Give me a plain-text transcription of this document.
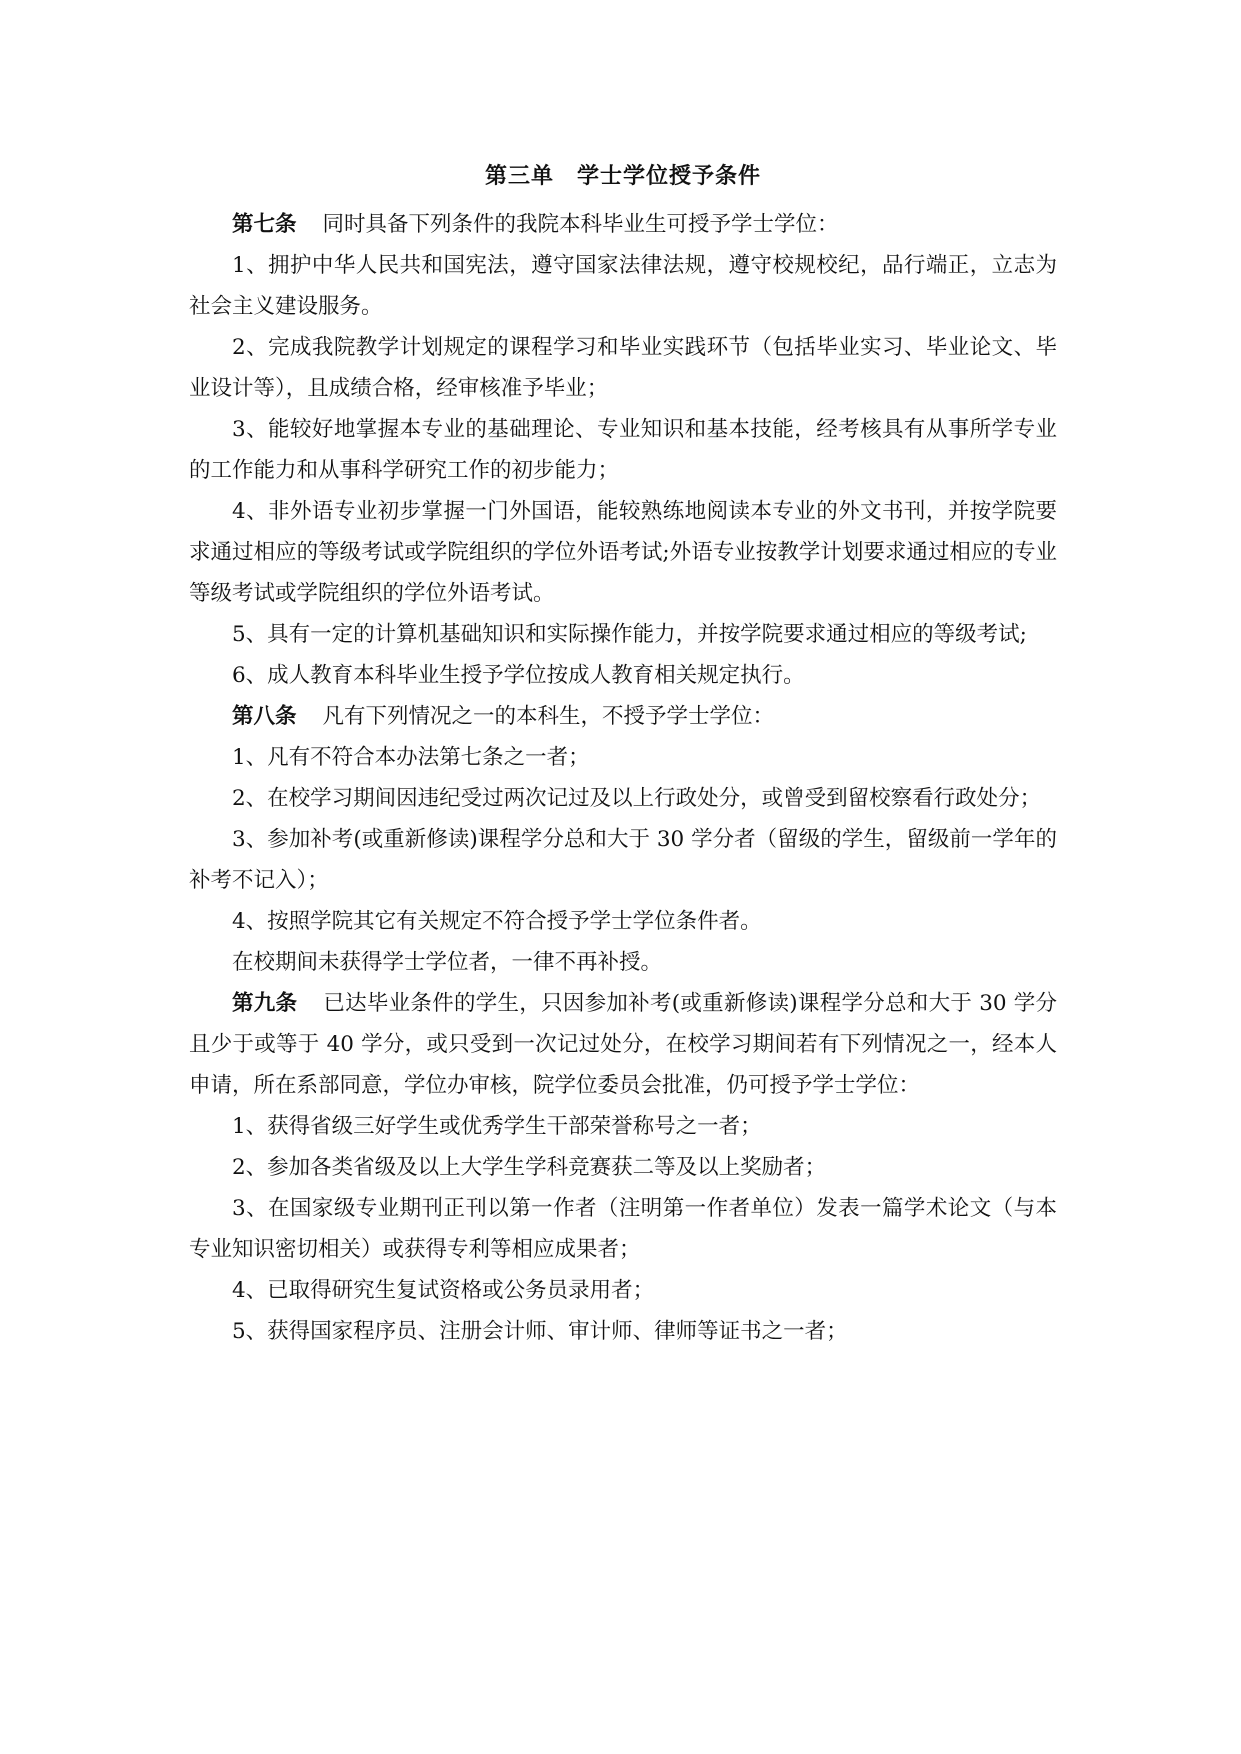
第三单　学士学位授予条件

第七条 同时具备下列条件的我院本科毕业生可授予学士学位：

1、拥护中华人民共和国宪法，遵守国家法律法规，遵守校规校纪，品行端正，立志为社会主义建设服务。

2、完成我院教学计划规定的课程学习和毕业实践环节（包括毕业实习、毕业论文、毕业设计等），且成绩合格，经审核准予毕业；

3、能较好地掌握本专业的基础理论、专业知识和基本技能，经考核具有从事所学专业的工作能力和从事科学研究工作的初步能力；

4、非外语专业初步掌握一门外国语，能较熟练地阅读本专业的外文书刊，并按学院要求通过相应的等级考试或学院组织的学位外语考试;外语专业按教学计划要求通过相应的专业等级考试或学院组织的学位外语考试。

5、具有一定的计算机基础知识和实际操作能力，并按学院要求通过相应的等级考试;

6、成人教育本科毕业生授予学位按成人教育相关规定执行。

第八条 凡有下列情况之一的本科生，不授予学士学位：

1、凡有不符合本办法第七条之一者；

2、在校学习期间因违纪受过两次记过及以上行政处分，或曾受到留校察看行政处分；

3、参加补考(或重新修读)课程学分总和大于 30 学分者（留级的学生，留级前一学年的补考不记入）；

4、按照学院其它有关规定不符合授予学士学位条件者。

在校期间未获得学士学位者，一律不再补授。

第九条 已达毕业条件的学生，只因参加补考(或重新修读)课程学分总和大于 30 学分且少于或等于 40 学分，或只受到一次记过处分，在校学习期间若有下列情况之一，经本人申请，所在系部同意，学位办审核，院学位委员会批准，仍可授予学士学位：

1、获得省级三好学生或优秀学生干部荣誉称号之一者；

2、参加各类省级及以上大学生学科竞赛获二等及以上奖励者；

3、在国家级专业期刊正刊以第一作者（注明第一作者单位）发表一篇学术论文（与本专业知识密切相关）或获得专利等相应成果者；

4、已取得研究生复试资格或公务员录用者；

5、获得国家程序员、注册会计师、审计师、律师等证书之一者；
